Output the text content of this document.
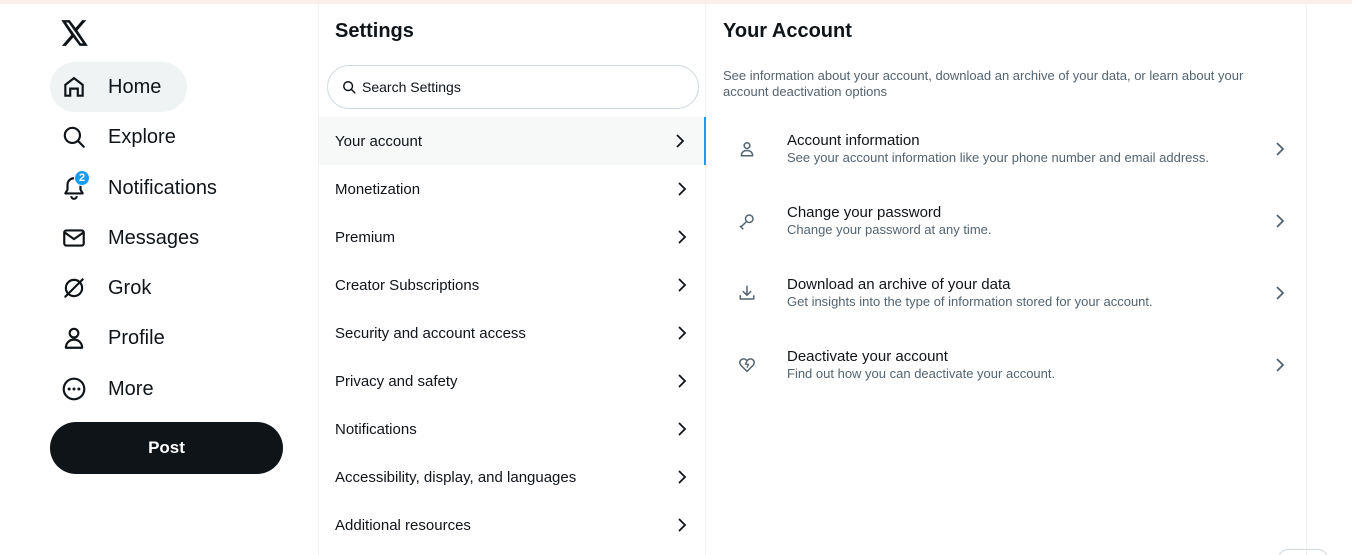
Home
Explore
2 Notifications
Messages
Grok
Profile
More
Post
Settings
Search Settings
Your account
Monetization
Premium
Creator Subscriptions
Security and account access
Privacy and safety
Notifications
Accessibility, display, and languages
Additional resources
Your Account
See information about your account, download an archive of your data, or learn about your account deactivation options
Account information
See your account information like your phone number and email address.
Change your password
Change your password at any time.
Download an archive of your data
Get insights into the type of information stored for your account.
Deactivate your account
Find out how you can deactivate your account.
